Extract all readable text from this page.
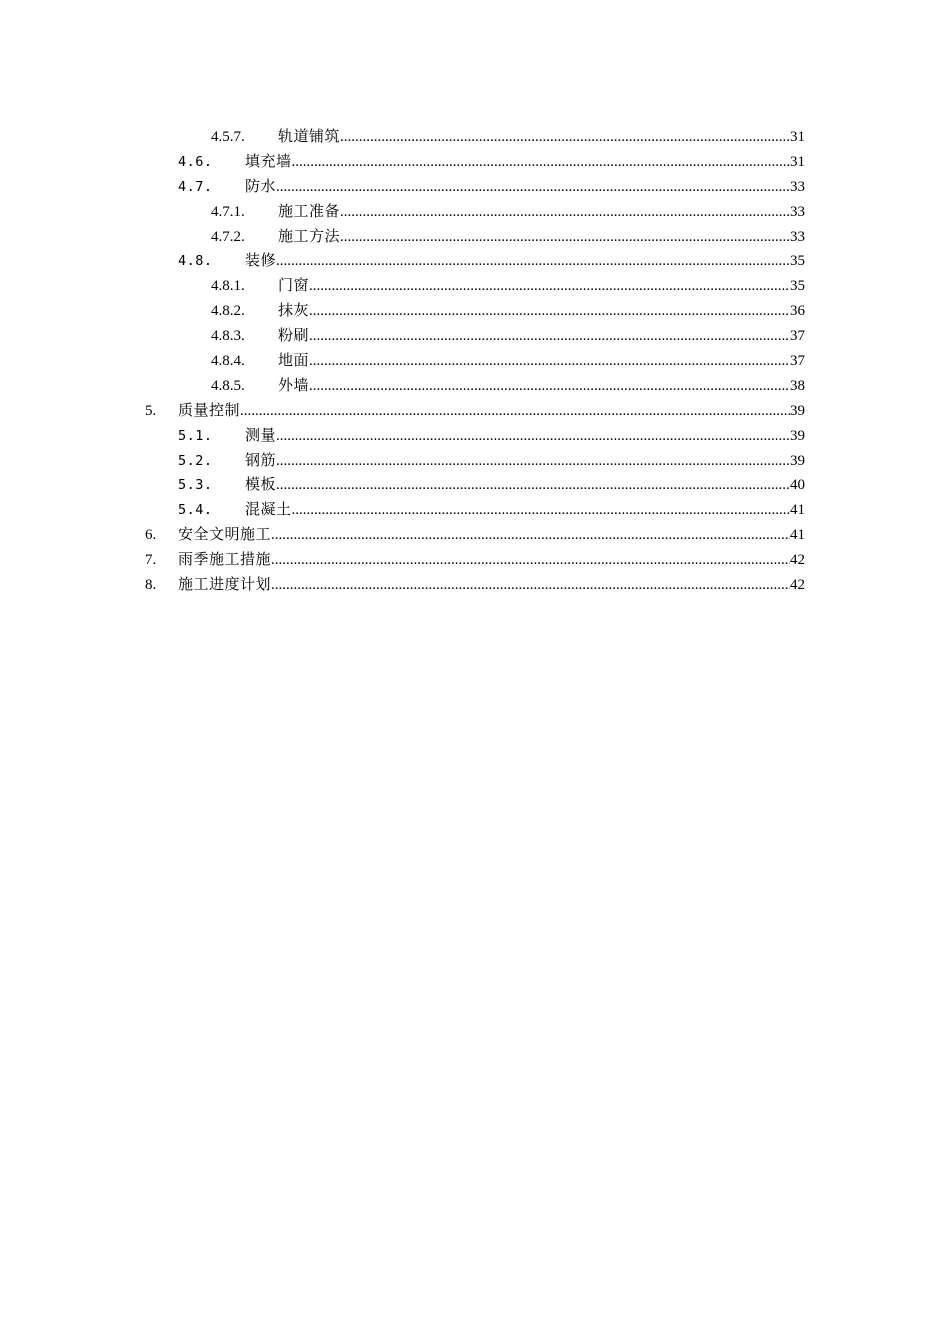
4.5.7. 轨道铺筑 .....	31
4.6. 填充墙 .....	31
4.7. 防水 .....	33
4.7.1. 施工准备 .....	33
4.7.2. 施工方法 .....	33
4.8. 装修 .....	35
4.8.1. 门窗 .....	35
4.8.2. 抹灰 .....	36
4.8.3. 粉刷 .....	37
4.8.4. 地面 .....	37
4.8.5. 外墙 .....	38
5. 质量控制 .....	39
5.1. 测量 .....	39
5.2. 钢筋 .....	39
5.3. 模板 .....	40
5.4. 混凝土 .....	41
6. 安全文明施工 .....	41
7. 雨季施工措施 .....	42
8. 施工进度计划 .....	42
